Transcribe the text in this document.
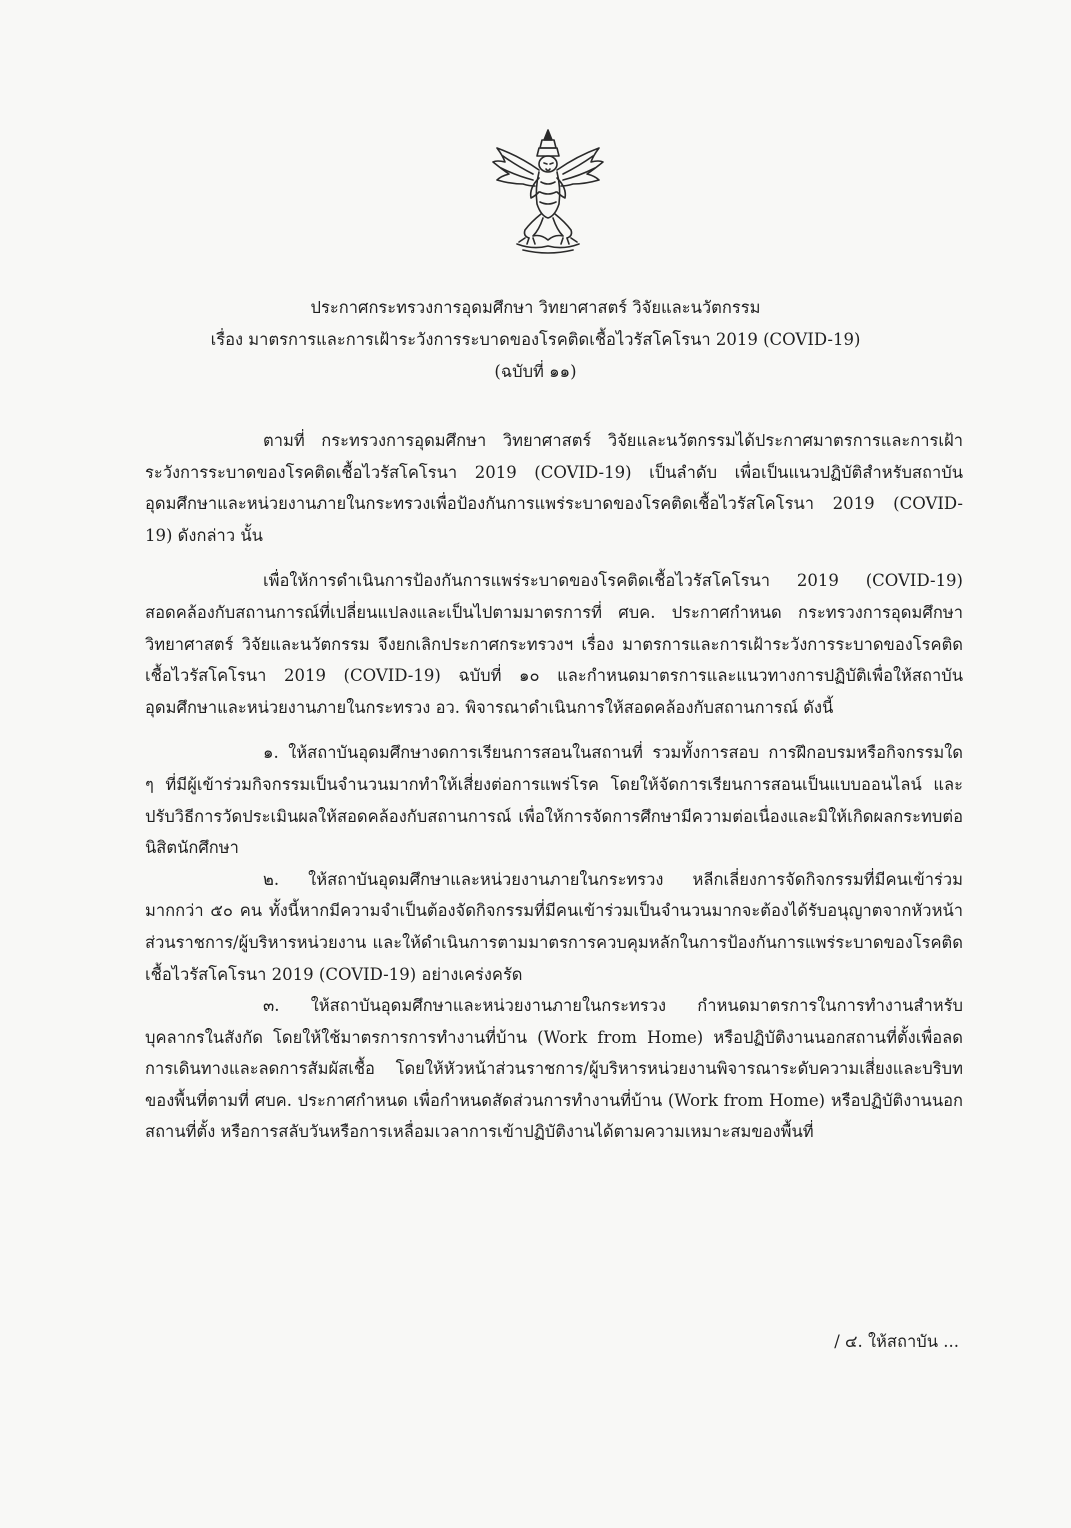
ประกาศกระทรวงการอุดมศึกษา วิทยาศาสตร์ วิจัยและนวัตกรรม
เรื่อง มาตรการและการเฝ้าระวังการระบาดของโรคติดเชื้อไวรัสโคโรนา 2019 (COVID-19)
(ฉบับที่ ๑๑)

ตามที่ กระทรวงการอุดมศึกษา วิทยาศาสตร์ วิจัยและนวัตกรรมได้ประกาศมาตรการและการเฝ้าระวังการระบาดของโรคติดเชื้อไวรัสโคโรนา 2019 (COVID-19) เป็นลำดับ เพื่อเป็นแนวปฏิบัติสำหรับสถาบันอุดมศึกษาและหน่วยงานภายในกระทรวงเพื่อป้องกันการแพร่ระบาดของโรคติดเชื้อไวรัสโคโรนา 2019 (COVID-19) ดังกล่าว นั้น

เพื่อให้การดำเนินการป้องกันการแพร่ระบาดของโรคติดเชื้อไวรัสโคโรนา 2019 (COVID-19) สอดคล้องกับสถานการณ์ที่เปลี่ยนแปลงและเป็นไปตามมาตรการที่ ศบค. ประกาศกำหนด กระทรวงการอุดมศึกษา วิทยาศาสตร์ วิจัยและนวัตกรรม จึงยกเลิกประกาศกระทรวงฯ เรื่อง มาตรการและการเฝ้าระวังการระบาดของโรคติดเชื้อไวรัสโคโรนา 2019 (COVID-19) ฉบับที่ ๑๐ และกำหนดมาตรการและแนวทางการปฏิบัติเพื่อให้สถาบันอุดมศึกษาและหน่วยงานภายในกระทรวง อว. พิจารณาดำเนินการให้สอดคล้องกับสถานการณ์ ดังนี้

๑. ให้สถาบันอุดมศึกษางดการเรียนการสอนในสถานที่ รวมทั้งการสอบ การฝึกอบรมหรือกิจกรรมใด ๆ ที่มีผู้เข้าร่วมกิจกรรมเป็นจำนวนมากทำให้เสี่ยงต่อการแพร่โรค โดยให้จัดการเรียนการสอนเป็นแบบออนไลน์ และปรับวิธีการวัดประเมินผลให้สอดคล้องกับสถานการณ์ เพื่อให้การจัดการศึกษามีความต่อเนื่องและมิให้เกิดผลกระทบต่อนิสิตนักศึกษา

๒. ให้สถาบันอุดมศึกษาและหน่วยงานภายในกระทรวง หลีกเลี่ยงการจัดกิจกรรมที่มีคนเข้าร่วมมากกว่า ๕๐ คน ทั้งนี้หากมีความจำเป็นต้องจัดกิจกรรมที่มีคนเข้าร่วมเป็นจำนวนมากจะต้องได้รับอนุญาตจากหัวหน้าส่วนราชการ/ผู้บริหารหน่วยงาน และให้ดำเนินการตามมาตรการควบคุมหลักในการป้องกันการแพร่ระบาดของโรคติดเชื้อไวรัสโคโรนา 2019 (COVID-19) อย่างเคร่งครัด

๓. ให้สถาบันอุดมศึกษาและหน่วยงานภายในกระทรวง กำหนดมาตรการในการทำงานสำหรับบุคลากรในสังกัด โดยให้ใช้มาตรการการทำงานที่บ้าน (Work from Home) หรือปฏิบัติงานนอกสถานที่ตั้งเพื่อลดการเดินทางและลดการสัมผัสเชื้อ โดยให้หัวหน้าส่วนราชการ/ผู้บริหารหน่วยงานพิจารณาระดับความเสี่ยงและบริบทของพื้นที่ตามที่ ศบค. ประกาศกำหนด เพื่อกำหนดสัดส่วนการทำงานที่บ้าน (Work from Home) หรือปฏิบัติงานนอกสถานที่ตั้ง หรือการสลับวันหรือการเหลื่อมเวลาการเข้าปฏิบัติงานได้ตามความเหมาะสมของพื้นที่

/ ๔. ให้สถาบัน ...
